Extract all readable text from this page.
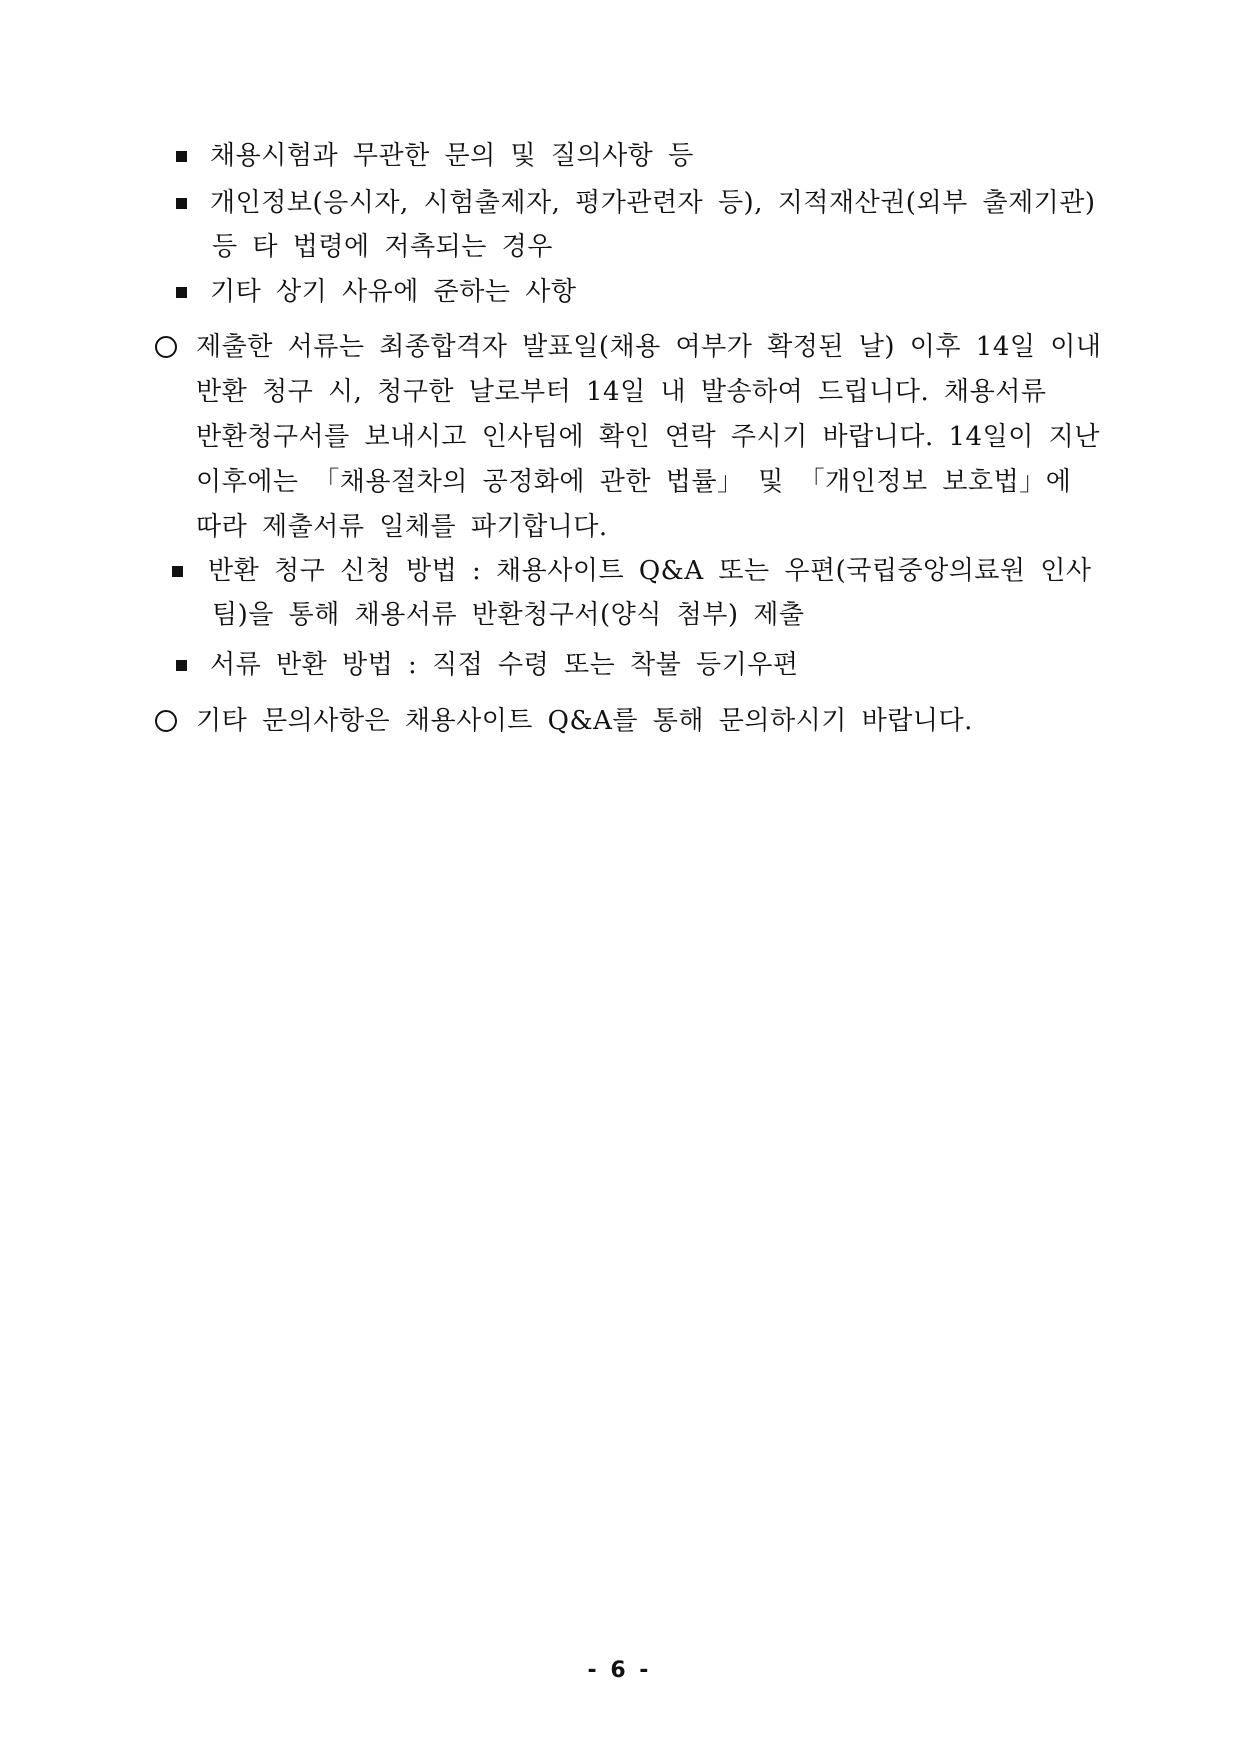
채용시험과 무관한 문의 및 질의사항 등
개인정보(응시자, 시험출제자, 평가관련자 등), 지적재산권(외부 출제기관)
등 타 법령에 저촉되는 경우
기타 상기 사유에 준하는 사항
제출한 서류는 최종합격자 발표일(채용 여부가 확정된 날) 이후 14일 이내
반환 청구 시, 청구한 날로부터 14일 내 발송하여 드립니다. 채용서류
반환청구서를 보내시고 인사팀에 확인 연락 주시기 바랍니다. 14일이 지난
이후에는 「채용절차의 공정화에 관한 법률」 및 「개인정보 보호법」에
따라 제출서류 일체를 파기합니다.
반환 청구 신청 방법 : 채용사이트 Q&A 또는 우편(국립중앙의료원 인사
팀)을 통해 채용서류 반환청구서(양식 첨부) 제출
서류 반환 방법 : 직접 수령 또는 착불 등기우편
기타 문의사항은 채용사이트 Q&A를 통해 문의하시기 바랍니다.
- 6 -
